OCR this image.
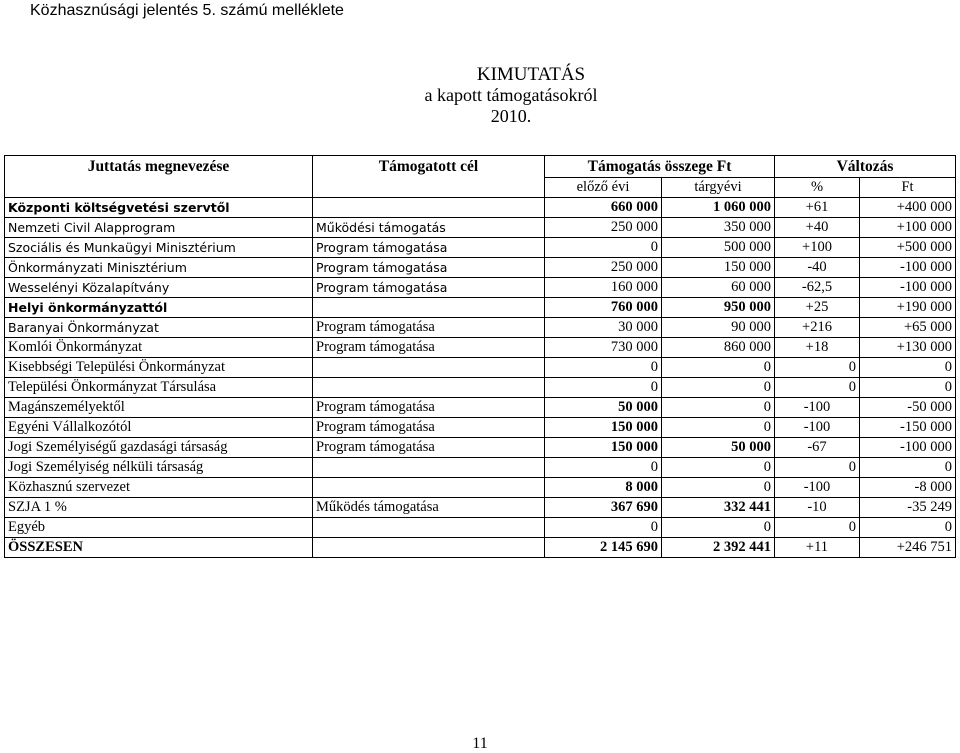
Közhasznúsági jelentés 5. számú melléklete
KIMUTATÁS
a kapott támogatásokról
2010.
Juttatás megnevezése	Támogatott cél	Támogatás összege Ft		Változás	
		előző évi	tárgyévi	%	Ft
Központi költségvetési szervtől		660 000	1 060 000	+61	+400 000
Nemzeti Civil Alapprogram	Működési támogatás	250 000	350 000	+40	+100 000
Szociális és Munkaügyi Minisztérium	Program támogatása	0	500 000	+100	+500 000
Önkormányzati Minisztérium	Program támogatása	250 000	150 000	-40	-100 000
Wesselényi Közalapítvány	Program támogatása	160 000	60 000	-62,5	-100 000
Helyi önkormányzattól		760 000	950 000	+25	+190 000
Baranyai Önkormányzat	Program támogatása	30 000	90 000	+216	+65 000
Komlói Önkormányzat	Program támogatása	730 000	860 000	+18	+130 000
Kisebbségi Települési Önkormányzat		0	0	0	0
Települési Önkormányzat Társulása		0	0	0	0
Magánszemélyektől	Program támogatása	50 000	0	-100	-50 000
Egyéni Vállalkozótól	Program támogatása	150 000	0	-100	-150 000
Jogi Személyiségű gazdasági társaság	Program támogatása	150 000	50 000	-67	-100 000
Jogi Személyiség nélküli társaság		0	0	0	0
Közhasznú szervezet		8 000	0	-100	-8 000
SZJA 1 %	Működés támogatása	367 690	332 441	-10	-35 249
Egyéb		0	0	0	0
ÖSSZESEN		2 145 690	2 392 441	+11	+246 751
11
